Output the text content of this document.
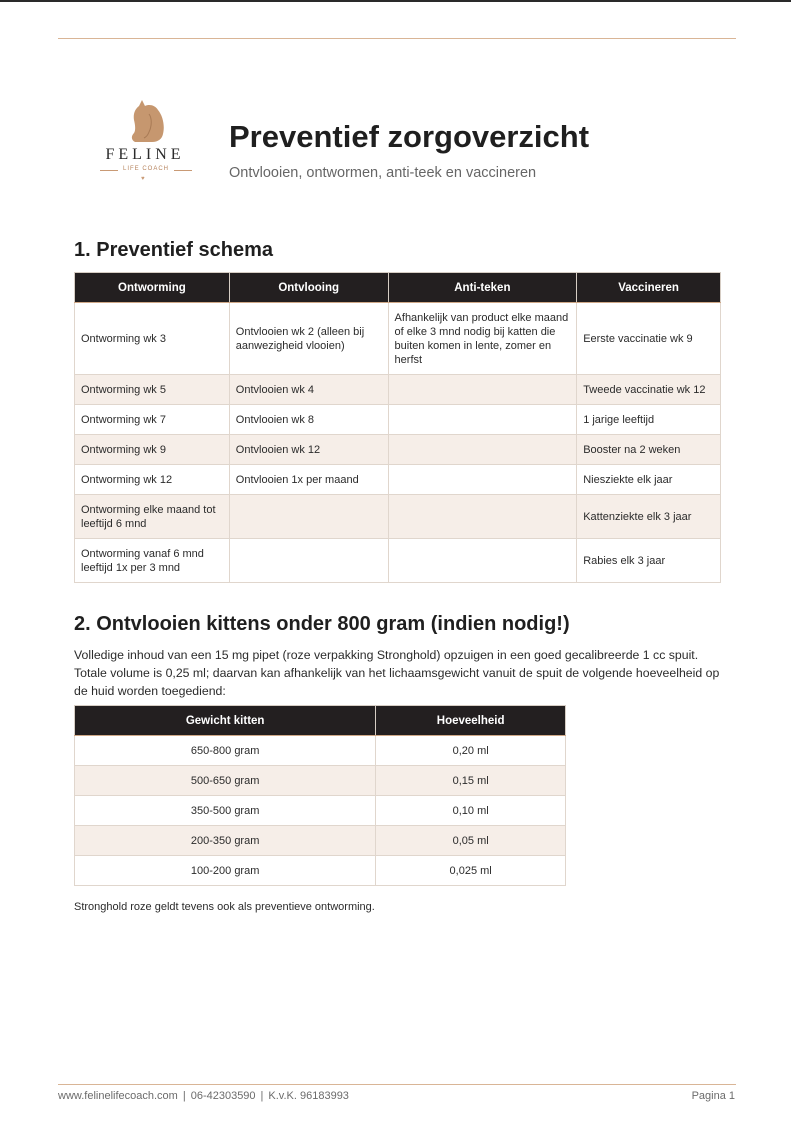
FELINE
LIFE COACH
♥
Preventief zorgoverzicht

Ontvlooien, ontwormen, anti-teek en vaccineren

1. Preventief schema
Ontworming	Ontvlooing	Anti-teken	Vaccineren
Ontworming wk 3	Ontvlooien wk 2 (alleen bij aanwezigheid vlooien)	Afhankelijk van product elke maand of elke 3 mnd nodig bij katten die buiten komen in lente, zomer en herfst	Eerste vaccinatie wk 9
Ontworming wk 5	Ontvlooien wk 4		Tweede vaccinatie wk 12
Ontworming wk 7	Ontvlooien wk 8		1 jarige leeftijd
Ontworming wk 9	Ontvlooien wk 12		Booster na 2 weken
Ontworming wk 12	Ontvlooien 1x per maand		Niesziekte elk jaar
Ontworming elke maand tot leeftijd 6 mnd			Kattenziekte elk 3 jaar
Ontworming vanaf 6 mnd leeftijd 1x per 3 mnd			Rabies elk 3 jaar
2. Ontvlooien kittens onder 800 gram (indien nodig!)

Volledige inhoud van een 15 mg pipet (roze verpakking Stronghold) opzuigen in een goed gecalibreerde 1 cc spuit. Totale volume is 0,25 ml; daarvan kan afhankelijk van het lichaamsgewicht vanuit de spuit de volgende hoeveelheid op de huid worden toegediend:

Gewicht kitten	Hoeveelheid
650-800 gram	0,20 ml
500-650 gram	0,15 ml
350-500 gram	0,10 ml
200-350 gram	0,05 ml
100-200 gram	0,025 ml

Stronghold roze geldt tevens ook als preventieve ontworming.

www.felinelifecoach.com | 06-42303590 | K.v.K. 96183993	Pagina 1
